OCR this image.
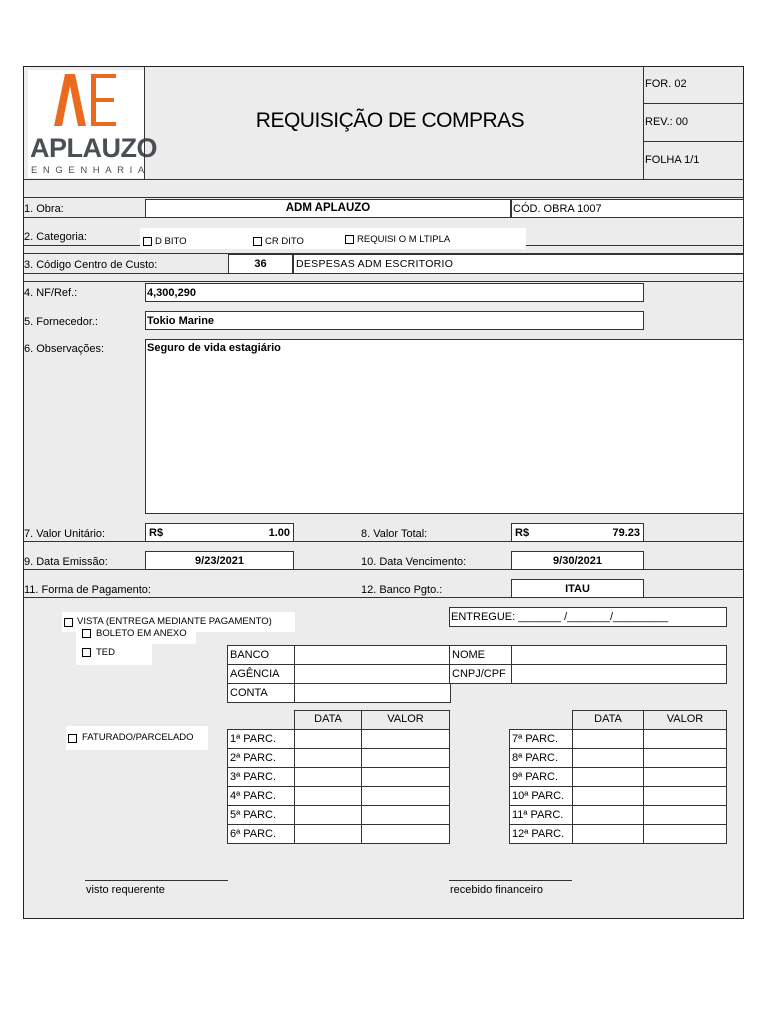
APLAUZO
ENGENHARIA
REQUISIÇÃO DE COMPRAS
FOR. 02
REV.: 00
FOLHA 1/1
1. Obra:	ADM APLAUZO	CÓD. OBRA 1007
2. Categoria:	D BITO	CR DITO	REQUISI O M LTIPLA
3. Código Centro de Custo:	36	DESPESAS ADM ESCRITORIO
4. NF/Ref.:	4,300,290
5. Fornecedor.:	Tokio Marine
6. Observações:	Seguro de vida estagiário
7. Valor Unitário:	R$	1.00	8. Valor Total:	R$	79.23
9. Data Emissão:	9/23/2021	10. Data Vencimento:	9/30/2021
11. Forma de Pagamento:	12. Banco Pgto.:	ITAU
VISTA (ENTREGA MEDIANTE PAGAMENTO)
BOLETO EM ANEXO
TED
FATURADO/PARCELADO
ENTREGUE: _______ /_______/_________
BANCO
AGÊNCIA
CONTA
NOME
CNPJ/CPF
DATA	VALOR
1ª PARC.
2ª PARC.
3ª PARC.
4ª PARC.
5ª PARC.
6ª PARC.
DATA	VALOR
7ª PARC.
8ª PARC.
9ª PARC.
10ª PARC.
11ª PARC.
12ª PARC.
visto requerente	recebido financeiro
